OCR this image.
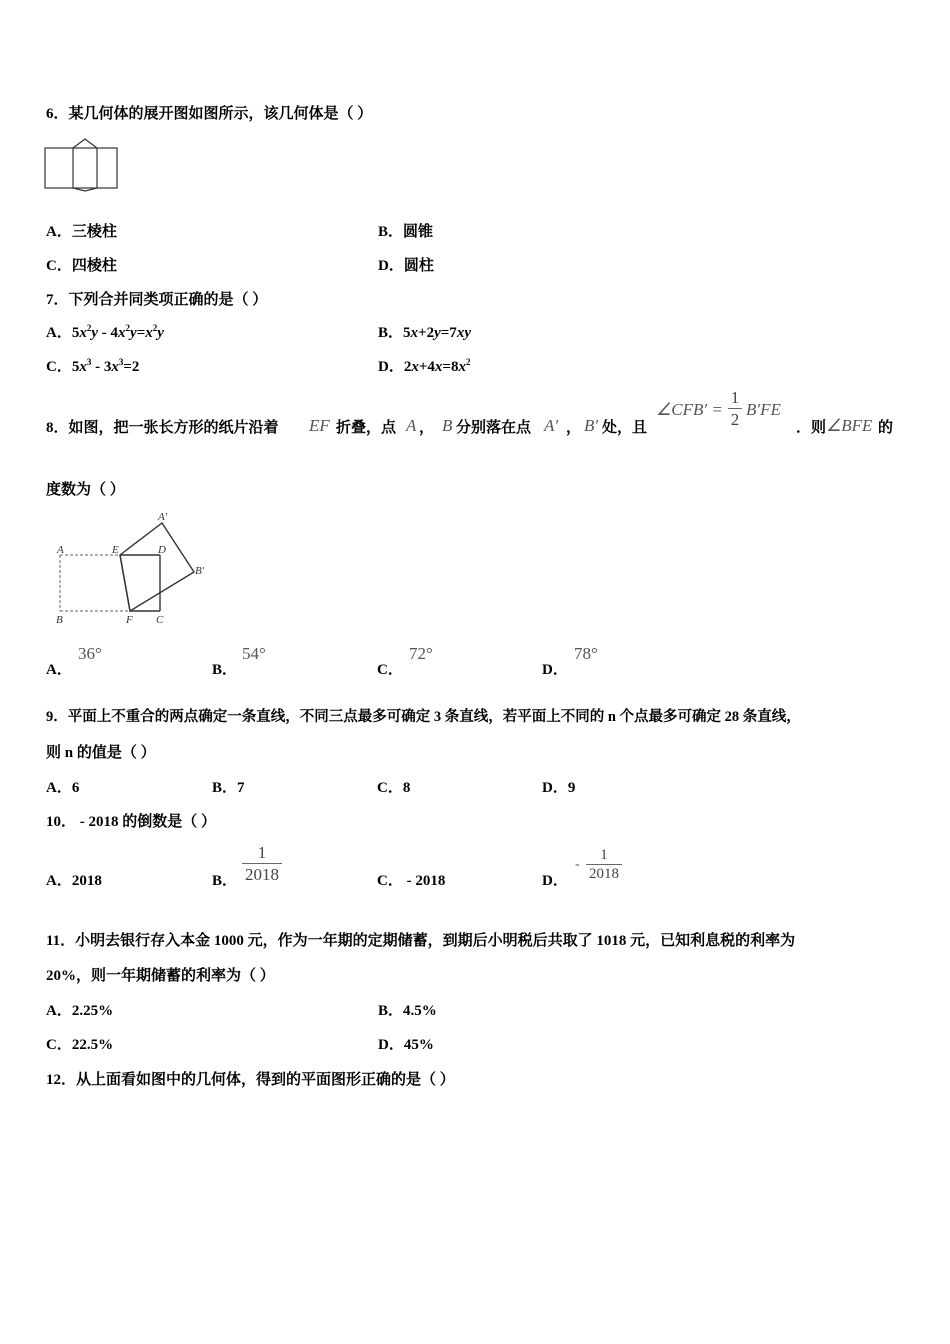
6．某几何体的展开图如图所示，该几何体是（ ）
A．三棱柱	B．圆锥
C．四棱柱	D．圆柱
7．下列合并同类项正确的是（ ）
A．$5x^2y - 4x^2y=x^2y$	B．5x+2y=7xy
C．$5x^3 - 3x^3=2$	D．$2x+4x=8x^2$
8．如图，把一张长方形的纸片沿着 EF 折叠，点 A ， B 分别落在点 A′ ， B′ 处，且
∠CFB′ =
1
2
B′FE
．则 ∠BFE 的
度数为（ ）
A	E	D
A′
B′
B	F C
A．
36°
B．
54°
C．
72°
D．
78°
9．平面上不重合的两点确定一条直线，不同三点最多可确定 3 条直线，若平面上不同的 n 个点最多可确定 28 条直线，
则 n 的值是（ ）
A．6	B．7	C．8	D．9
10． - 2018 的倒数是（ ）
A．2018	B．
1
2018	C． - 2018	D．
-
1
2018
11．小明去银行存入本金 1000 元，作为一年期的定期储蓄，到期后小明税后共取了 1018 元，已知利息税的利率为
20%，则一年期储蓄的利率为（ ）
A．2.25%	B．4.5%
C．22.5%	D．45%
12．从上面看如图中的几何体，得到的平面图形正确的是（ ）
